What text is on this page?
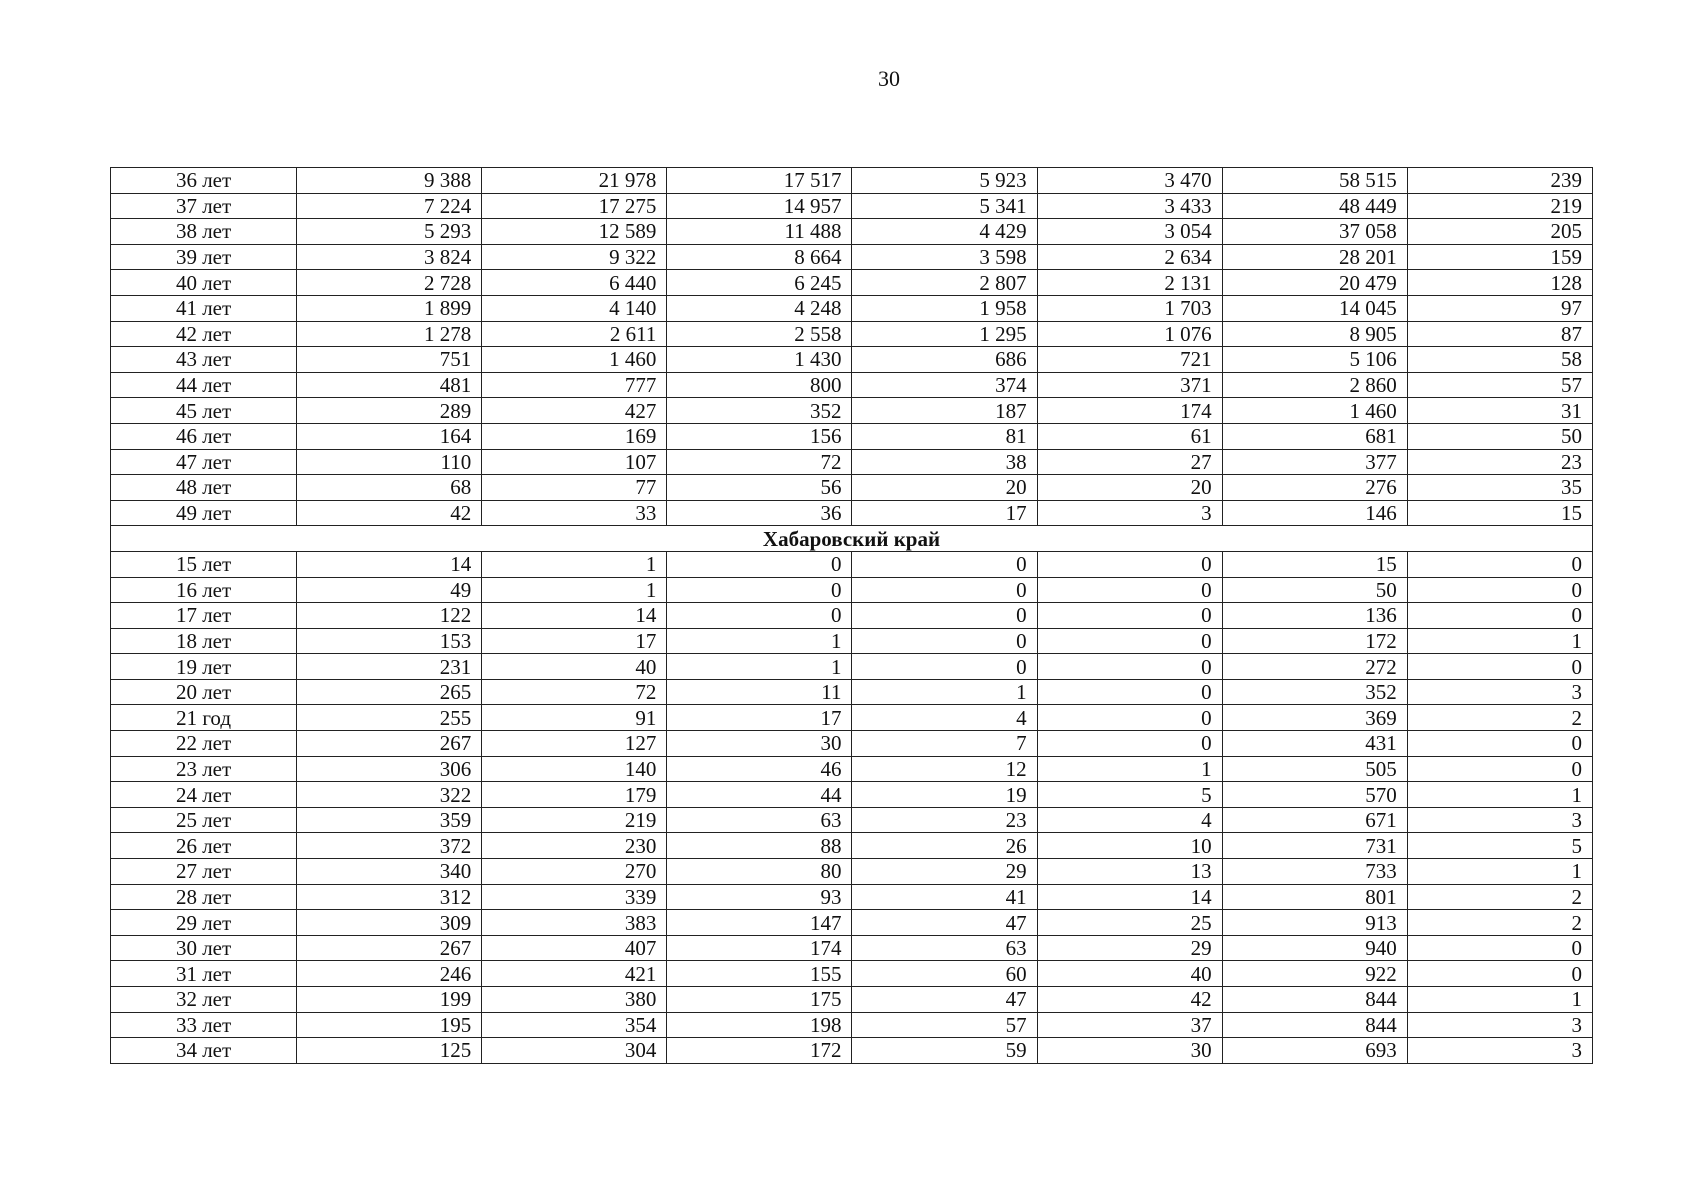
30
36 лет	9 388	21 978	17 517	5 923	3 470	58 515	239
37 лет	7 224	17 275	14 957	5 341	3 433	48 449	219
38 лет	5 293	12 589	11 488	4 429	3 054	37 058	205
39 лет	3 824	9 322	8 664	3 598	2 634	28 201	159
40 лет	2 728	6 440	6 245	2 807	2 131	20 479	128
41 лет	1 899	4 140	4 248	1 958	1 703	14 045	97
42 лет	1 278	2 611	2 558	1 295	1 076	8 905	87
43 лет	751	1 460	1 430	686	721	5 106	58
44 лет	481	777	800	374	371	2 860	57
45 лет	289	427	352	187	174	1 460	31
46 лет	164	169	156	81	61	681	50
47 лет	110	107	72	38	27	377	23
48 лет	68	77	56	20	20	276	35
49 лет	42	33	36	17	3	146	15
Хабаровский край							
15 лет	14	1	0	0	0	15	0
16 лет	49	1	0	0	0	50	0
17 лет	122	14	0	0	0	136	0
18 лет	153	17	1	0	0	172	1
19 лет	231	40	1	0	0	272	0
20 лет	265	72	11	1	0	352	3
21 год	255	91	17	4	0	369	2
22 лет	267	127	30	7	0	431	0
23 лет	306	140	46	12	1	505	0
24 лет	322	179	44	19	5	570	1
25 лет	359	219	63	23	4	671	3
26 лет	372	230	88	26	10	731	5
27 лет	340	270	80	29	13	733	1
28 лет	312	339	93	41	14	801	2
29 лет	309	383	147	47	25	913	2
30 лет	267	407	174	63	29	940	0
31 лет	246	421	155	60	40	922	0
32 лет	199	380	175	47	42	844	1
33 лет	195	354	198	57	37	844	3
34 лет	125	304	172	59	30	693	3
